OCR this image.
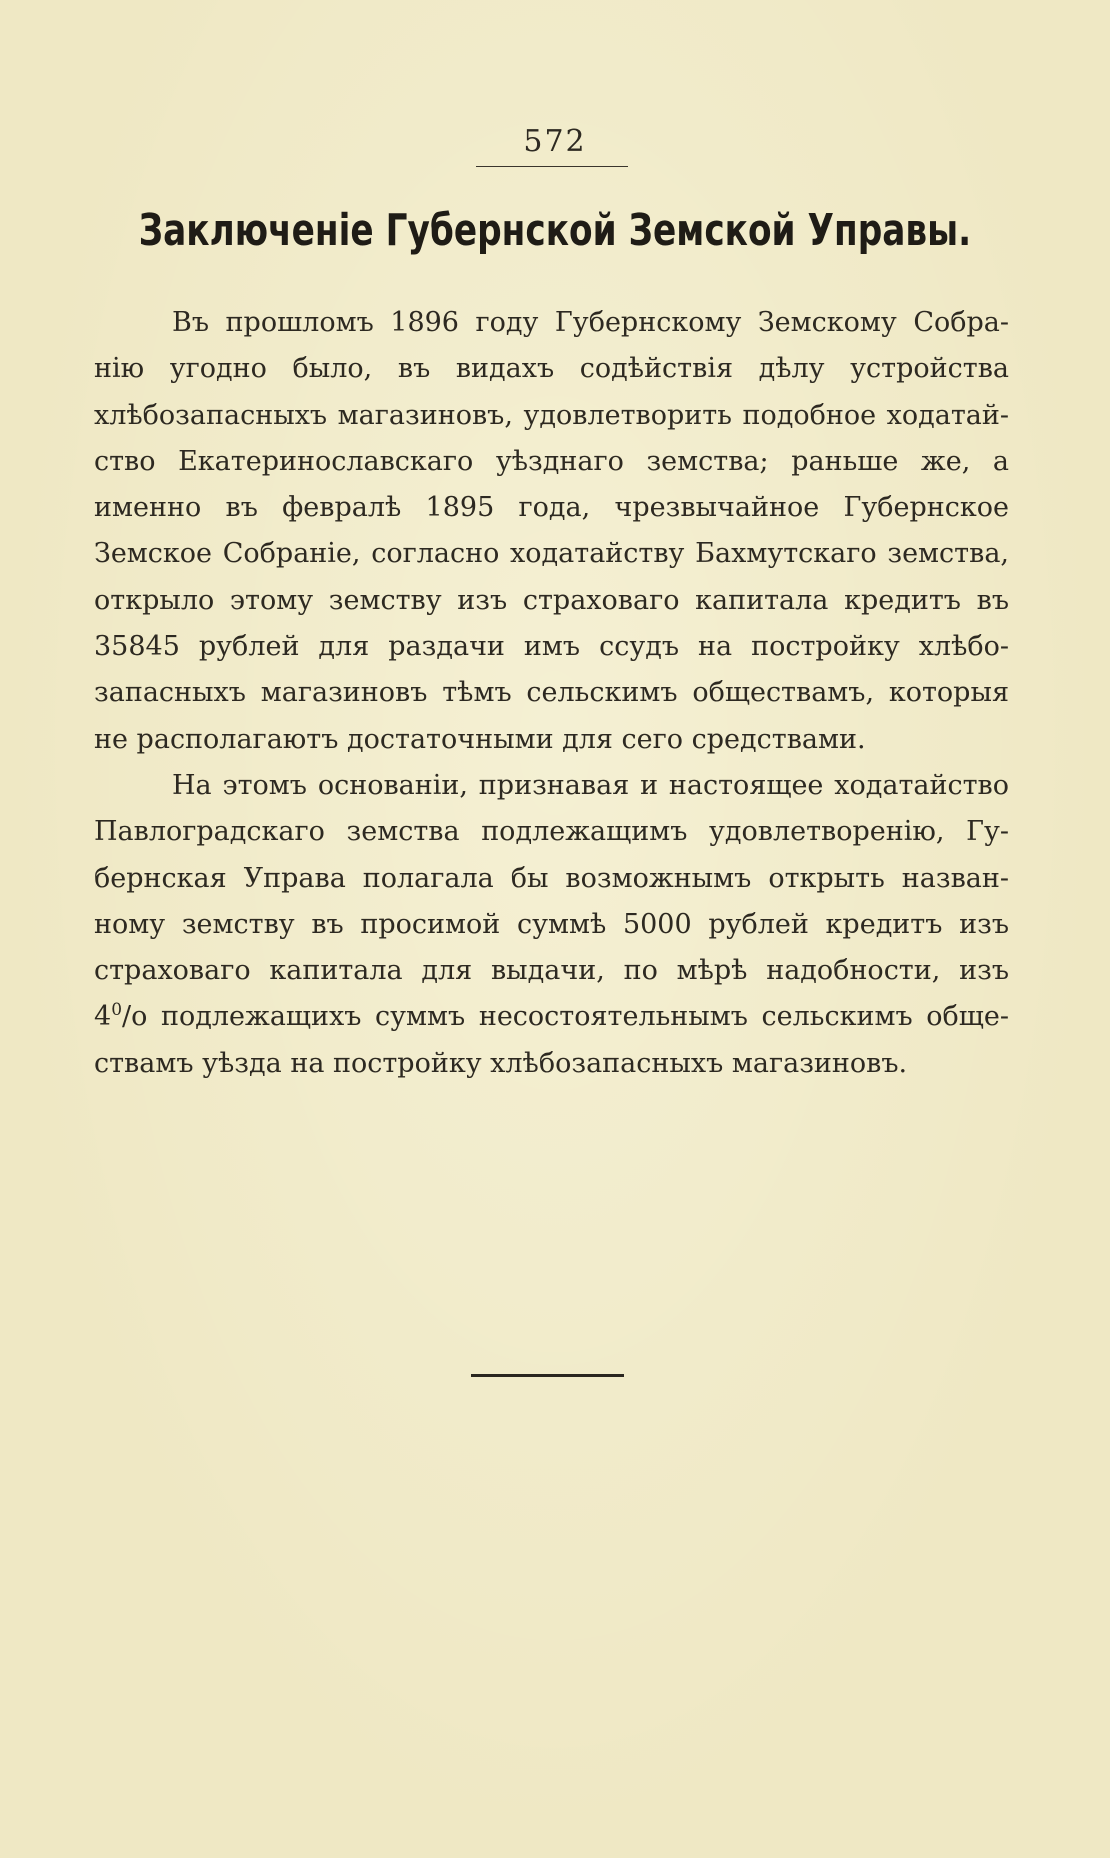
572
Заключеніе Губернской Земской Управы.
Въ прошломъ 1896 году Губернскому Земскому Собра-
нію угодно было, въ видахъ содѣйствія дѣлу устройства
хлѣбозапасныхъ магазиновъ, удовлетворить подобное ходатай-
ство Екатеринославскаго уѣзднаго земства; раньше же, а
именно въ февралѣ 1895 года, чрезвычайное Губернское
Земское Собраніе, согласно ходатайству Бахмутскаго земства,
открыло этому земству изъ страховаго капитала кредитъ въ
35845 рублей для раздачи имъ ссудъ на постройку хлѣбо-
запасныхъ магазиновъ тѣмъ сельскимъ обществамъ, которыя
не располагаютъ достаточными для сего средствами.
На этомъ основаніи, признавая и настоящее ходатайство
Павлоградскаго земства подлежащимъ удовлетворенію, Гу-
бернская Управа полагала бы возможнымъ открыть назван-
ному земству въ просимой суммѣ 5000 рублей кредитъ изъ
страховаго капитала для выдачи, по мѣрѣ надобности, изъ
$4^0/o$ подлежащихъ суммъ несостоятельнымъ сельскимъ обще-
ствамъ уѣзда на постройку хлѣбозапасныхъ магазиновъ.
